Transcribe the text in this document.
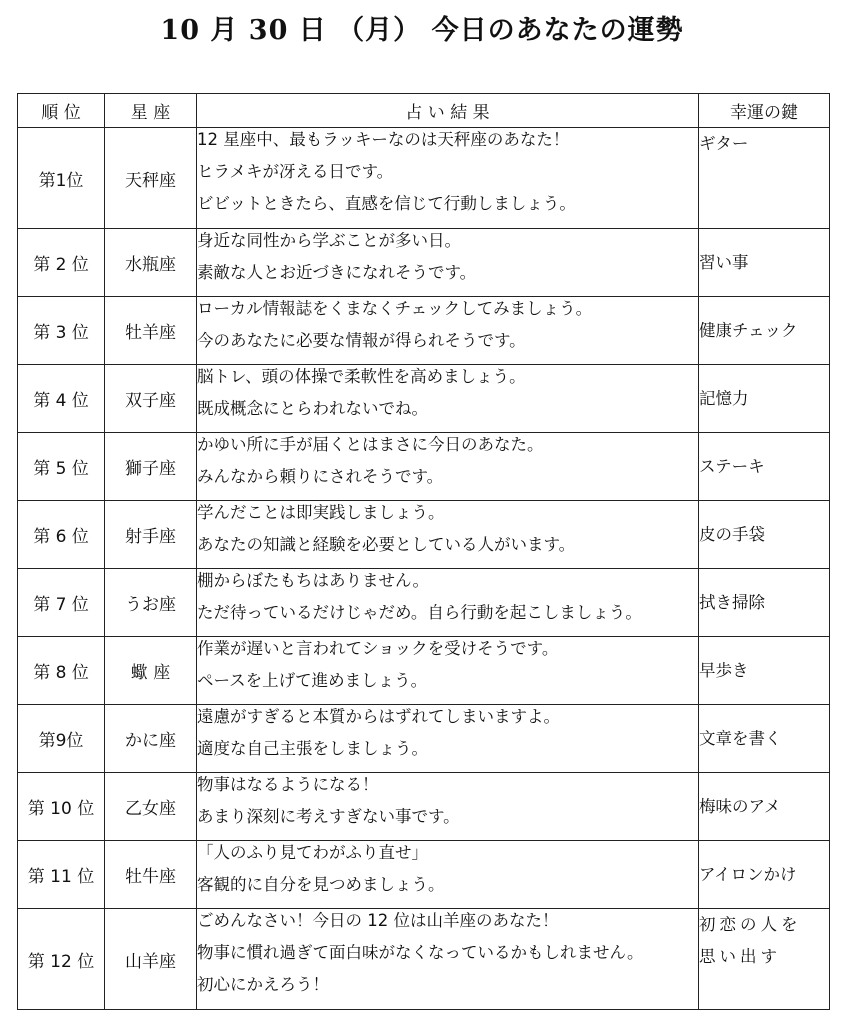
10 月 30 日 （月） 今日のあなたの運勢
順 位	星 座	占 い 結 果	幸運の鍵
第1位	天秤座	12 星座中、最もラッキーなのは天秤座のあなた！
ヒラメキが冴える日です。
ビビットときたら、直感を信じて行動しましょう。	ギター

第 2 位	水瓶座	身近な同性から学ぶことが多い日。
素敵な人とお近づきになれそうです。	習い事

第 3 位	牡羊座	ローカル情報誌をくまなくチェックしてみましょう。
今のあなたに必要な情報が得られそうです。	健康チェック

第 4 位	双子座	脳トレ、頭の体操で柔軟性を高めましょう。
既成概念にとらわれないでね。	記憶力

第 5 位	獅子座	かゆい所に手が届くとはまさに今日のあなた。
みんなから頼りにされそうです。	ステーキ

第 6 位	射手座	学んだことは即実践しましょう。
あなたの知識と経験を必要としている人がいます。	皮の手袋

第 7 位	うお座	棚からぼたもちはありません。
ただ待っているだけじゃだめ。自ら行動を起こしましょう。	拭き掃除

第 8 位	蠍 座	作業が遅いと言われてショックを受けそうです。
ペースを上げて進めましょう。	早歩き

第9位	かに座	遠慮がすぎると本質からはずれてしまいますよ。
適度な自己主張をしましょう。	文章を書く

第 10 位	乙女座	物事はなるようになる！
あまり深刻に考えすぎない事です。	梅味のアメ

第 11 位	牡牛座	「人のふり見てわがふり直せ」
客観的に自分を見つめましょう。	アイロンかけ

第 12 位	山羊座	ごめんなさい！今日の 12 位は山羊座のあなた！
物事に慣れ過ぎて面白味がなくなっているかもしれません。
初心にかえろう！	初恋の人を
思い出す
